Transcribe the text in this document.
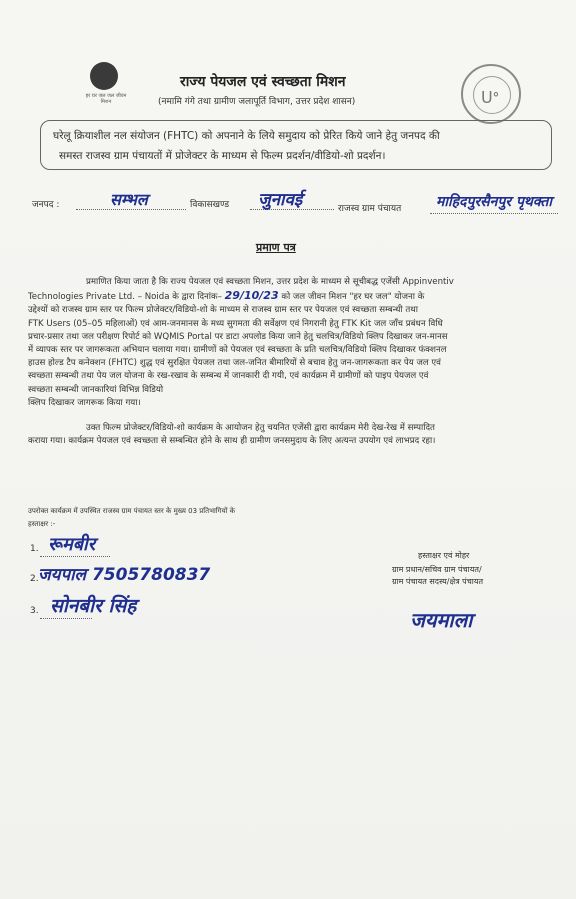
हर घर जल जल जीवन मिशन
राज्य पेयजल एवं स्वच्छता मिशन
(नमामि गंगे तथा ग्रामीण जलापूर्ति विभाग, उत्तर प्रदेश शासन)	ᑌᐤ
घरेलू क्रियाशील नल संयोजन (FHTC) को अपनाने के लिये समुदाय को प्रेरित किये जाने हेतु जनपद की
समस्त राजस्व ग्राम पंचायतों में प्रोजेक्टर के माध्यम से फिल्म प्रदर्शन/वीडियो-शो प्रदर्शन।
जनपद :	सम्भल	विकासखण्ड जुनावई	राजस्व ग्राम पंचायत माहिदपुरसैनपुर पृथक्ता
प्रमाण पत्र
प्रमाणित किया जाता है कि राज्य पेयजल एवं स्वच्छता मिशन, उत्तर प्रदेश के माध्यम से सूचीबद्ध एजेंसी Appinventiv
Technologies Private Ltd. – Noida के द्वारा दिनांक– 29/10/23 को जल जीवन मिशन "हर घर जल" योजना के
उद्देश्यों को राजस्व ग्राम स्तर पर फिल्म प्रोजेक्टर/विडियो-शो के माध्यम से राजस्व ग्राम स्तर पर पेयजल एवं स्वच्छता सम्बन्धी तथा
FTK Users (05–05 महिलाओं) एवं आम-जनमानस के मध्य सुगमता की सर्वेक्षण एवं निगरानी हेतु FTK Kit जल जाँच प्रबंधन विधि
प्रचार-प्रसार तथा जल परीक्षण रिपोर्ट को WQMIS Portal पर डाटा अपलोड किया जाने हेतु चलचित्र/विडियो क्लिप दिखाकर जन-मानस
में व्यापक स्तर पर जागरूकता अभियान चलाया गया। ग्रामीणों को पेयजल एवं स्वच्छता के प्रति चलचित्र/विडियो क्लिप दिखाकर फंक्शनल
हाउस होल्ड टैप कनेक्शन (FHTC) शुद्ध एवं सुरक्षित पेयजल तथा जल-जनित बीमारियों से बचाव हेतु जन-जागरूकता कर पेय जल एवं
स्वच्छता सम्बन्धी तथा पेय जल योजना के रख-रखाव के सम्बन्ध में जानकारी दी गयी, एवं कार्यक्रम में ग्रामीणों को पाइप पेयजल एवं
स्वच्छता सम्बन्धी जानकारियां विभिन्न विडियो
क्लिप दिखाकर जागरूक किया गया।
उक्त फिल्म प्रोजेक्टर/विडियो-शो कार्यक्रम के आयोजन हेतु चयनित एजेंसी द्वारा कार्यक्रम मेरी देख-रेख में सम्पादित
कराया गया। कार्यक्रम पेयजल एवं स्वच्छता से सम्बन्धित होने के साथ ही ग्रामीण जनसमुदाय के लिए अत्यन्त उपयोग एवं लाभप्रद रहा।
उपरोक्त कार्यक्रम में उपस्थित राजस्व ग्राम पंचायत स्तर के मुख्य 03 प्रतिभागियों के
हस्ताक्षर :-
1. रूमबीर
2. जयपाल 7505780837
3. सोनबीर सिंह
हस्ताक्षर एवं मोहर
ग्राम प्रधान/सचिव ग्राम पंचायत/
ग्राम पंचायत सदस्य/क्षेत्र पंचायत
जयमाला
